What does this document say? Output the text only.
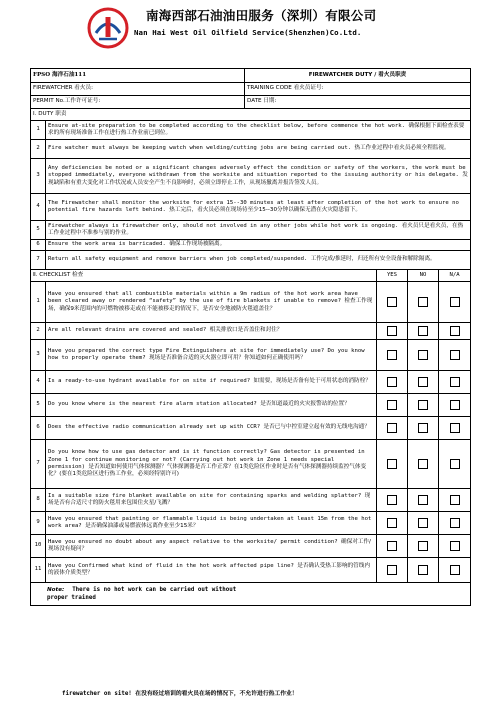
南海西部石油油田服务（深圳）有限公司
Nan Hai West Oil Oilfield Service(Shenzhen)Co.Ltd.
FPSO 海洋石油111		FIREWATCHER DUTY / 看火员职责			
FIREWATCHER 看火员:		TRAINING CODE 看火员证号:			
PERMIT No.工作许可证号:		DATE 日期:			
Ⅰ. DUTY 职责					
1	Ensure at-site preparation to be completed according to the checklist below, before commence the hot work. 确保根据下面检查表要求的所有现场准备工作在进行热工作业前已到位。				
2	Fire watcher must always be keeping watch when welding/cutting jobs are being carried out. 热工作业过程中看火员必须全程监视。				
3	Any deficiencies be noted or a significant changes adversely effect the condition or safety of the workers, the work must be stopped immediately, everyone withdrawn from the worksite and situation reported to the issuing authority or his delegate. 发现缺陷和有重大变化对工作状况或人员安全产生不良影响时，必须立即停止工作，从现场撤离并报告签发人员。				
4	The Firewatcher shall monitor the worksite for extra 15--30 minutes at least after completion of the hot work to ensure no potential fire hazards left behind. 热工完后，看火员必须在现场待至少15--30分钟以确保无潜在火灾隐患留下。				
5	Firewatcher always is firewatcher only, should not involved in any other jobs while hot work is ongoing. 看火员只是看火员，在热工作业过程中不准参与别的作业。				
6	Ensure the work area is barricaded. 确保工作现场被隔离。				
7	Return all safety equipment and remove barriers when job completed/suspended. 工作完成/推延时，归还所有安全设备和解除隔离。				
Ⅱ. CHECKLIST 检查			YES	NO	N/A
1	Have you ensured that all combustible materials within a 9m radius of the hot work area have been cleared away or rendered “safety” by the use of fire blankets if unable to remove? 检查工作现场，确保9米范围内的可燃物被移走或在不能被移走的情况下，是否安全地被防火毯遮盖住？				
2	Are all relevant drains are covered and sealed? 相关排放口是否盖住和封住？				
3	Have you prepared the correct type Fire Extinguishers at site for immediately use? Do you know how to properly operate them? 现场是否准备合适的灭火器立即可用？你知道如何正确使用吗？				
4	Is a ready-to-use hydrant available for on site if required? 如需要，现场是否备有处于可用状态的消防栓？				
5	Do you know where is the nearest fire alarm station allocated? 是否知道最近的火灾报警站的位置？				
6	Does the effective radio communication already set up with CCR? 是否已与中控室建立起有效的无线电沟通？				
7	Do you know how to use gas detector and is it function correctly? Gas detector is presented in Zone 1 for continue monitoring or not? (Carrying out hot work in Zone 1 needs special permission) 是否知道如何使用气体探测器？气体探测器是否工作正常？在1类危险区作业时是否有气体探测器持续监控气体变化？(要在1类危险区进行热工作业，必须经特别许可)				
8	Is a suitable size fire blanket available on site for containing sparks and welding splatter? 现场是否有合适尺寸的防火毯用来包围住火星/飞溅？				
9	Have you ensured that painting or flammable liquid is being undertaken at least 15m from the hot work area? 是否确保油漆或易燃液体远离作业至少15米？				
10	Have you ensured no doubt about any aspect relative to the worksite/ permit condition? 确保对工作/现场没有疑问？				
11	Have you Confirmed what kind of fluid in the hot work affected pipe line? 是否确认受热工影响的管线内的液体介质类型？				
Note: There is no hot work can be carried out without proper trained					
firewatcher on site! 在没有经过培训的看火员在场的情况下，不允许进行热工作业！
